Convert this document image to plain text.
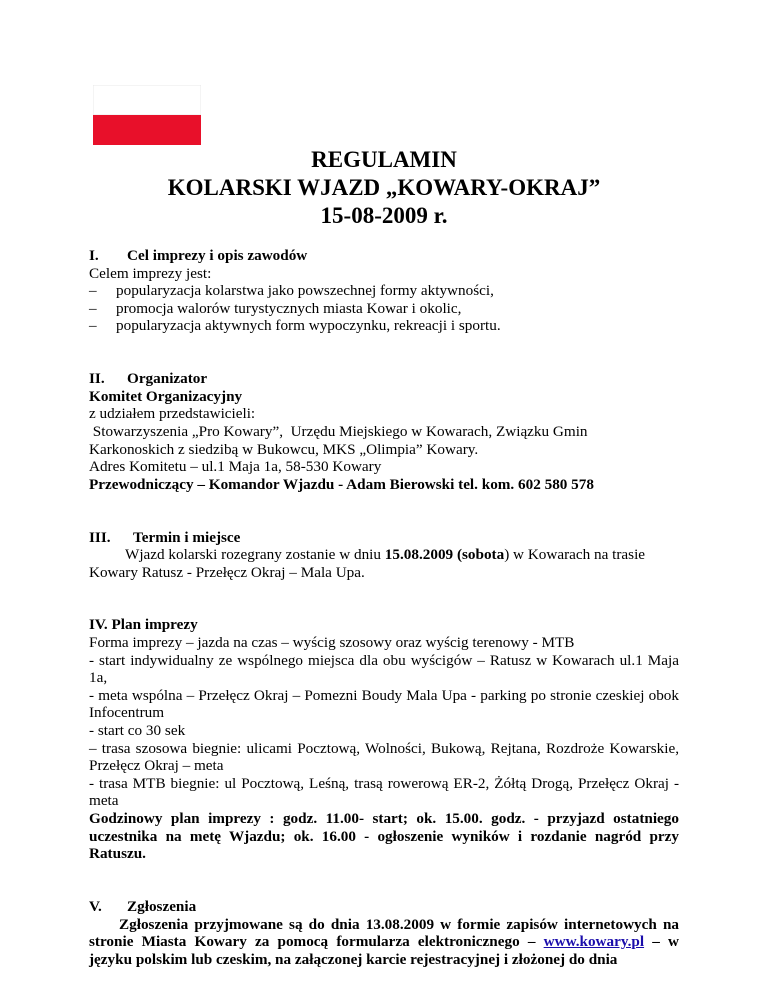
REGULAMIN
KOLARSKI WJAZD „KOWARY-OKRAJ”
15-08-2009 r.

I. Cel imprezy i opis zawodów

Celem imprezy jest:

– popularyzacja kolarstwa jako powszechnej formy aktywności,

– promocja walorów turystycznych miasta Kowar i okolic,

– popularyzacja aktywnych form wypoczynku, rekreacji i sportu.

II. Organizator

Komitet Organizacyjny

z udziałem przedstawicieli:

Stowarzyszenia „Pro Kowary”,  Urzędu Miejskiego w Kowarach, Związku Gmin

Karkonoskich z siedzibą w Bukowcu, MKS „Olimpia” Kowary.

Adres Komitetu – ul.1 Maja 1a, 58-530 Kowary

Przewodniczący – Komandor Wjazdu - Adam Bierowski tel. kom. 602 580 578

III. Termin i miejsce

Wjazd kolarski rozegrany zostanie w dniu 15.08.2009 (sobota) w Kowarach na trasie

Kowary Ratusz - Przełęcz Okraj – Mala Upa.

IV. Plan imprezy

Forma imprezy – jazda na czas – wyścig szosowy oraz wyścig terenowy - MTB

- start indywidualny ze wspólnego miejsca dla obu wyścigów – Ratusz w Kowarach ul.1 Maja 1a,

- meta wspólna – Przełęcz Okraj – Pomezni Boudy Mala Upa - parking po stronie czeskiej obok Infocentrum

- start co 30 sek

– trasa szosowa biegnie: ulicami Pocztową, Wolności, Bukową, Rejtana, Rozdroże Kowarskie, Przełęcz Okraj – meta

- trasa MTB biegnie: ul Pocztową, Leśną, trasą rowerową ER-2, Żółtą Drogą, Przełęcz Okraj - meta

Godzinowy plan imprezy : godz. 11.00- start; ok. 15.00. godz. - przyjazd ostatniego uczestnika na metę Wjazdu; ok. 16.00 - ogłoszenie wyników i rozdanie nagród przy Ratuszu.

V. Zgłoszenia

Zgłoszenia przyjmowane są do dnia 13.08.2009 w formie zapisów internetowych na stronie Miasta Kowary za pomocą formularza elektronicznego – www.kowary.pl – w języku polskim lub czeskim, na załączonej karcie rejestracyjnej i złożonej do dnia
